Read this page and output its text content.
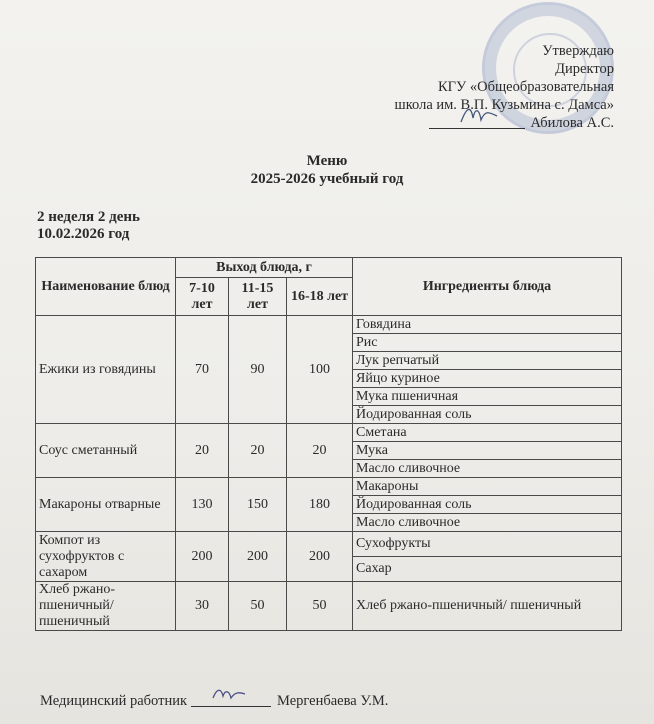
Утверждаю
Директор
КГУ «Общеобразовательная
школа им. В.П. Кузьмина с. Дамса»
Абилова А.С.
Меню
2025-2026 учебный год
2 неделя 2 день
10.02.2026 год
Наименование блюд	Выход блюда, г			Ингредиенты блюда
	7-10 лет	11-15 лет	16-18 лет	
Ежики из говядины	70	90	100	Говядина
				Рис
				Лук репчатый
				Яйцо куриное
				Мука пшеничная
				Йодированная соль
Соус сметанный	20	20	20	Сметана
				Мука
				Масло сливочное
Макароны отварные	130	150	180	Макароны
				Йодированная соль
				Масло сливочное
Компот из сухофруктов с сахаром	200	200	200	Сухофрукты
				Сахар
Хлеб ржано-пшеничный/ пшеничный	30	50	50	Хлеб ржано-пшеничный/ пшеничный
Медицинский работник	Мергенбаева У.М.
